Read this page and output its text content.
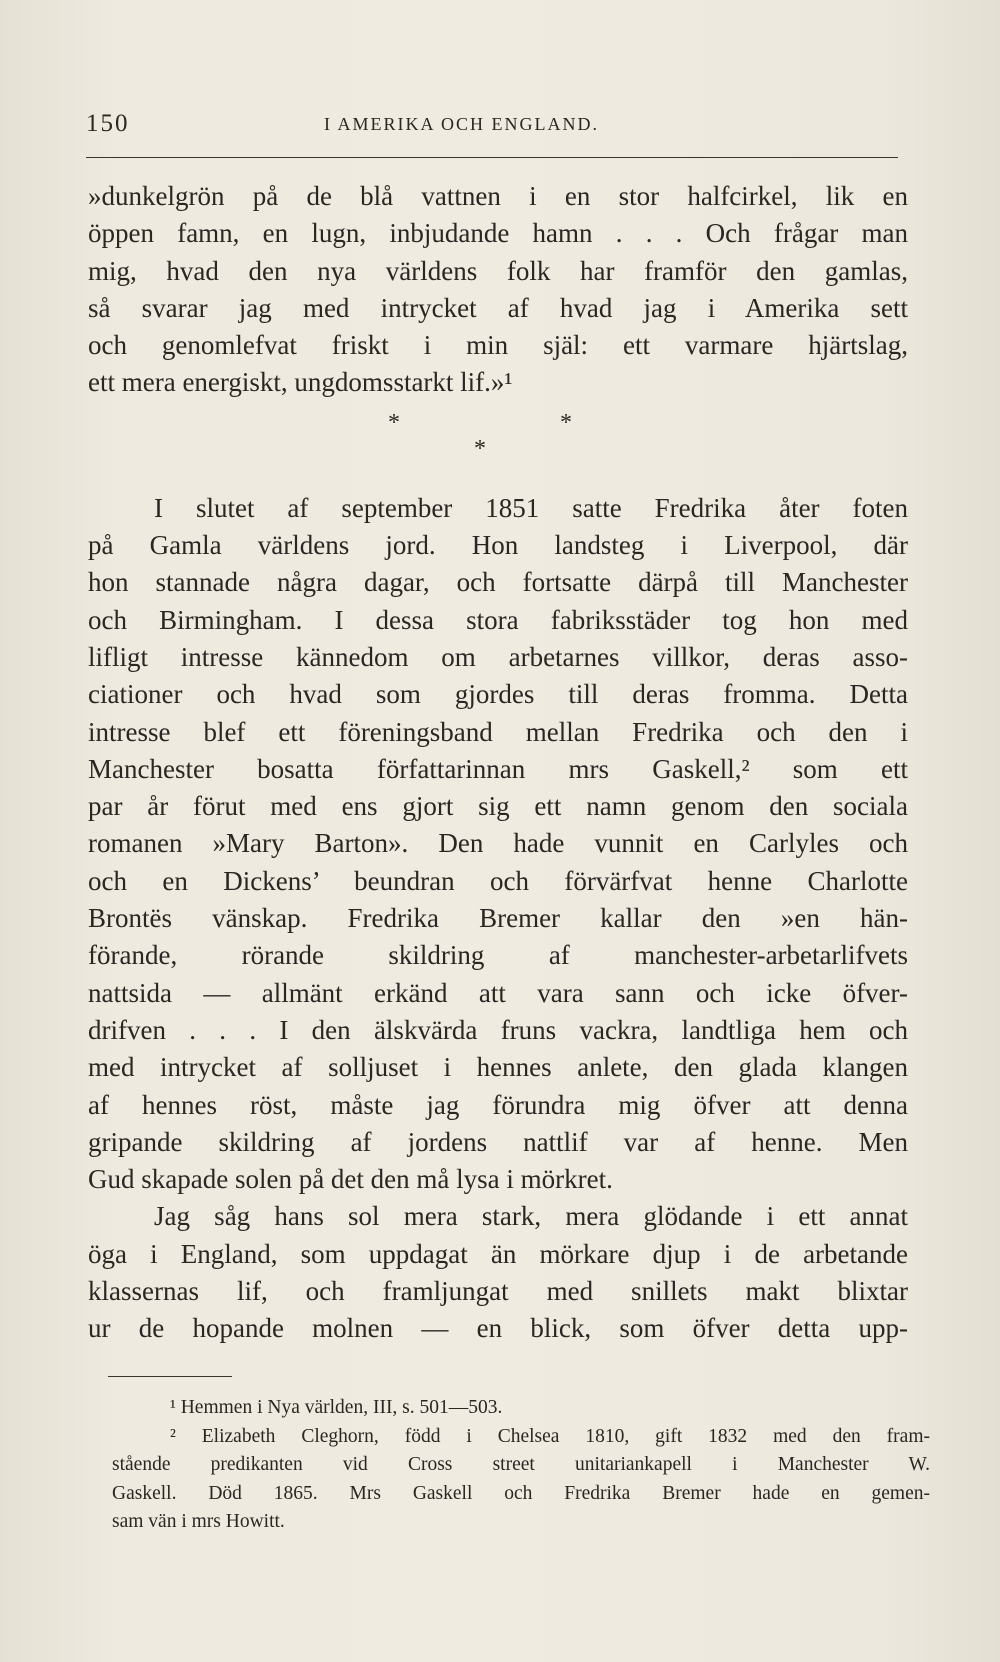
150	I AMERIKA OCH ENGLAND.
»dunkelgrön på de blå vattnen i en stor halfcirkel, lik en
öppen famn, en lugn, inbjudande hamn . . . Och frågar man
mig, hvad den nya världens folk har framför den gamlas,
så svarar jag med intrycket af hvad jag i Amerika sett
och genomlefvat friskt i min själ: ett varmare hjärtslag,
ett mera energiskt, ungdomsstarkt lif.»¹
*	*
*
I slutet af september 1851 satte Fredrika åter foten
på Gamla världens jord. Hon landsteg i Liverpool, där
hon stannade några dagar, och fortsatte därpå till Manchester
och Birmingham. I dessa stora fabriksstäder tog hon med
lifligt intresse kännedom om arbetarnes villkor, deras asso-
ciationer och hvad som gjordes till deras fromma. Detta
intresse blef ett föreningsband mellan Fredrika och den i
Manchester bosatta författarinnan mrs Gaskell,² som ett
par år förut med ens gjort sig ett namn genom den sociala
romanen »Mary Barton». Den hade vunnit en Carlyles och
och en Dickens’ beundran och förvärfvat henne Charlotte
Brontës vänskap. Fredrika Bremer kallar den »en hän-
förande, rörande skildring af manchester-arbetarlifvets
nattsida — allmänt erkänd att vara sann och icke öfver-
drifven . . . I den älskvärda fruns vackra, landtliga hem och
med intrycket af solljuset i hennes anlete, den glada klangen
af hennes röst, måste jag förundra mig öfver att denna
gripande skildring af jordens nattlif var af henne. Men
Gud skapade solen på det den må lysa i mörkret.
Jag såg hans sol mera stark, mera glödande i ett annat
öga i England, som uppdagat än mörkare djup i de arbetande
klassernas lif, och framljungat med snillets makt blixtar
ur de hopande molnen — en blick, som öfver detta upp-
¹ Hemmen i Nya världen, III, s. 501—503.
² Elizabeth Cleghorn, född i Chelsea 1810, gift 1832 med den fram-
stående predikanten vid Cross street unitariankapell i Manchester W.
Gaskell. Död 1865. Mrs Gaskell och Fredrika Bremer hade en gemen-
sam vän i mrs Howitt.
